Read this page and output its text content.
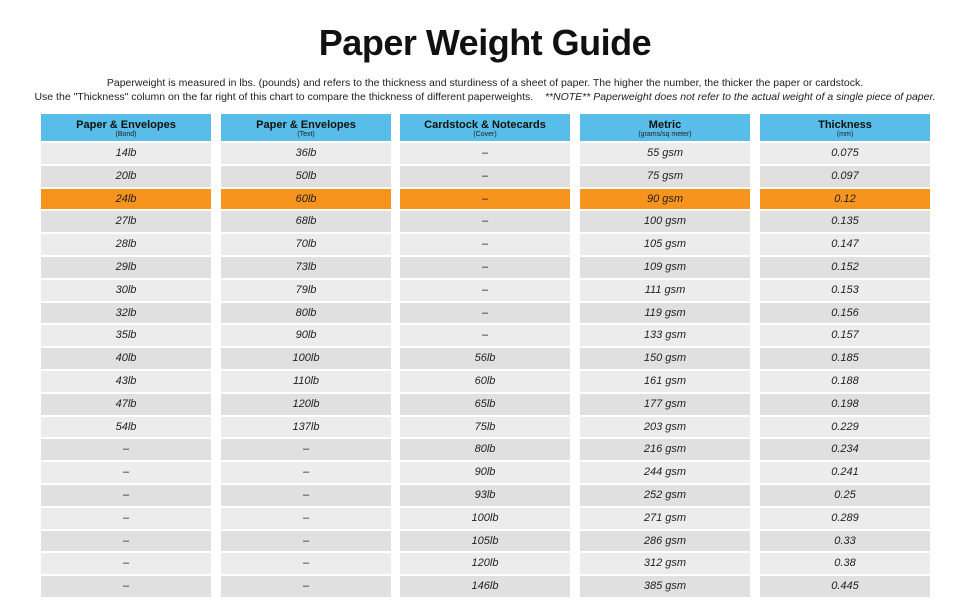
Paper Weight Guide
Paperweight is measured in lbs. (pounds) and refers to the thickness and sturdiness of a sheet of paper. The higher the number, the thicker the paper or cardstock.
Use the "Thickness" column on the far right of this chart to compare the thickness of different paperweights. **NOTE** Paperweight does not refer to the actual weight of a single piece of paper.
Paper & Envelopes
(Bond)
14lb
20lb
24lb
27lb
28lb
29lb
30lb
32lb
35lb
40lb
43lb
47lb
54lb
–
–
–
–
–
–
–
Paper & Envelopes
(Text)
36lb
50lb
60lb
68lb
70lb
73lb
79lb
80lb
90lb
100lb
110lb
120lb
137lb
–
–
–
–
–
–
–
Cardstock & Notecards
(Cover)
–
–
–
–
–
–
–
–
–
56lb
60lb
65lb
75lb
80lb
90lb
93lb
100lb
105lb
120lb
146lb
Metric
(grams/sq meter)
55 gsm
75 gsm
90 gsm
100 gsm
105 gsm
109 gsm
111 gsm
119 gsm
133 gsm
150 gsm
161 gsm
177 gsm
203 gsm
216 gsm
244 gsm
252 gsm
271 gsm
286 gsm
312 gsm
385 gsm
Thickness
(mm)
0.075
0.097
0.12
0.135
0.147
0.152
0.153
0.156
0.157
0.185
0.188
0.198
0.229
0.234
0.241
0.25
0.289
0.33
0.38
0.445
